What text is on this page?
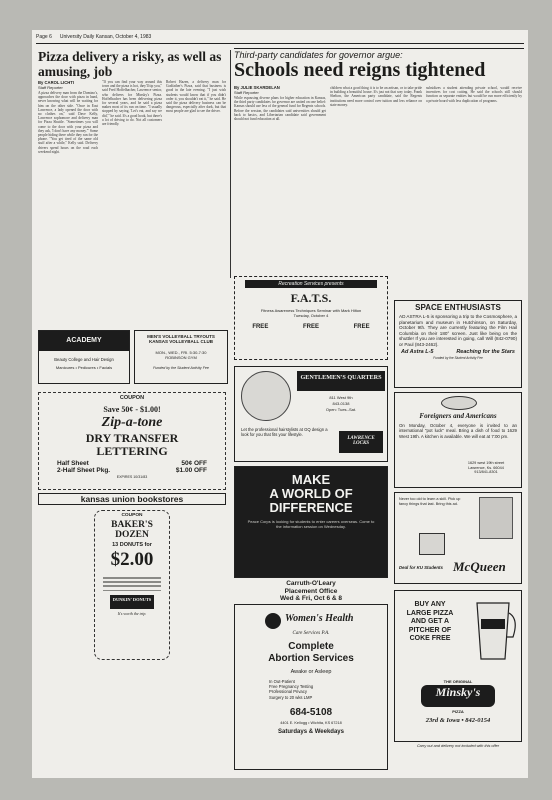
Page 6 University Daily Kansan, October 4, 1983
Pizza delivery a risky, as well as amusing, job
By CAROL LICHTI
Staff Reporter
A pizza delivery man from the Domino's, approaches the door with pizza in hand, never knowing what will be waiting for him on the other side. "Once in East Lawrence, a lady opened the door with no clothes on," said Dave Kelly, Lawrence sophomore and delivery man for Pizza Shuttle. "Sometimes you will come to the door with your pizza and they ask, 'I don't have any money.'" Some people hiding there while they ran for the phone. "You get tired of the same old stuff after a while," Kelly said. Delivery drivers spend hours on the road each weekend night.
"If you can find your way around this town and the pizza is hot, they'll tip you," said Fred Hoffelbacher, Lawrence senior, who delivers for Minsky's Pizza. Hoffelbacher has been delivering pizza for several years, and he said a pizza makes most of its run on time. "I usually stopped by saying, 'Let's eat, and say we did,'" he said. It's a good hook, but there's a lot of driving to do. Not all customers are friendly.
Robert Hazen, a delivery man for Godfather's Pizza, said that business is good in the late evening. "I just wish students would know that if you didn't order it, you shouldn't eat it," he said. He said the pizza delivery business can be dangerous, especially after dark, but that most people are glad to see the driver.
Third-party candidates for governor argue:
Schools need reigns tightened
By JULIE SKARDELAN
Staff Reporter
While espousing diverse plans for higher education in Kansas, the third party candidates for governor are united on one belief: Kansas should use less of the general fund for Regents schools. Before the session, the candidates said universities should get back to basics, and Libertarian candidate said government should not fund education at all.
children what a good thing it is to be an artisan, or to take pride in building a beautiful house. It's just not that way today. Frank Shelton, the American party candidate, said the Regents institutions need more control over tuition and less reliance on state money.
subsidizes a student attending private school, would receive incentives for cost cutting. He said the schools still should function as separate entities but would be run more efficiently by a private board with less duplication of programs.
ACADEMY
Beauty College and Hair Design
Manicures • Pedicures • Facials
MEN'S VOLLEYBALL TRYOUTS
KANSAS VOLLEYBALL CLUB
MON., WED., FRI. 5:30-7:30
ROBINSON GYM
Funded by the Student Activity Fee
Recreation Services presents
F.A.T.S.
Fitness Awareness Techniques Seminar with Mark Hilton
Tuesday, October 4
FREE	FREE	FREE
GENTLEMEN'S QUARTERS
811 West 9th
843-0138
Open: Tues.-Sat.
Let the professional hairstylists at GQ design a look for you that fits your lifestyle.
LAWRENCE LOCKS
COUPON
Save 50¢ - $1.00!
Zip-a-tone
DRY TRANSFER LETTERING
Half Sheet	50¢ OFF
2-Half Sheet Pkg.	$1.00 OFF
EXPIRES 10/31/83
kansas union bookstores
COUPON
BAKER'S DOZEN
13 DONUTS for
$2.00
DUNKIN' DONUTS
It's worth the trip.
MAKE
A WORLD OF
DIFFERENCE
Peace Corps is looking for students to enter careers overseas. Come to the information session on Wednesday.
Carruth-O'Leary
Placement Office
Wed & Fri, Oct 6 & 8
Women's Health
Care Services P.A.
Complete
Abortion Services
Awake or Asleep
In Out-Patient
Free Pregnancy Testing
Professional Privacy
Surgery to 20 wks LMP
684-5108
4401 E. Kellogg • Wichita, KS 67218
Saturdays & Weekdays
SPACE ENTHUSIASTS
AD ASTRA L-5 is sponsoring a trip to the Cosmosphere, a planetarium and museum in Hutchinson, on Saturday, October 9th. They are currently featuring the Film Hail Columbia on their 180° screen. Just like being on the shuttle! If you are interested in going, call Will (842-0790) or Paul (843-2462).
Ad Astra L-5	Reaching for the Stars
Funded by the Student Activity Fee
Foreigners and Americans
On Monday, October 4, everyone is invited to an international "pot luck" meal. Bring a dish of food to 1629 West 19th. A kitchen is available. We will eat at 7:00 pm.
1629 west 19th street
Lawrence, Ks. 66044
913/841-8301
Never too old to learn a skill. Pick up fancy things that last. Bring this ad.
McQueen
Deal for KU Students
BUY ANY
LARGE PIZZA
AND GET A
PITCHER OF
COKE FREE
THE ORIGINAL
Minsky's
PIZZA
23rd & Iowa • 842-0154
Carry out and delivery not included with this offer
